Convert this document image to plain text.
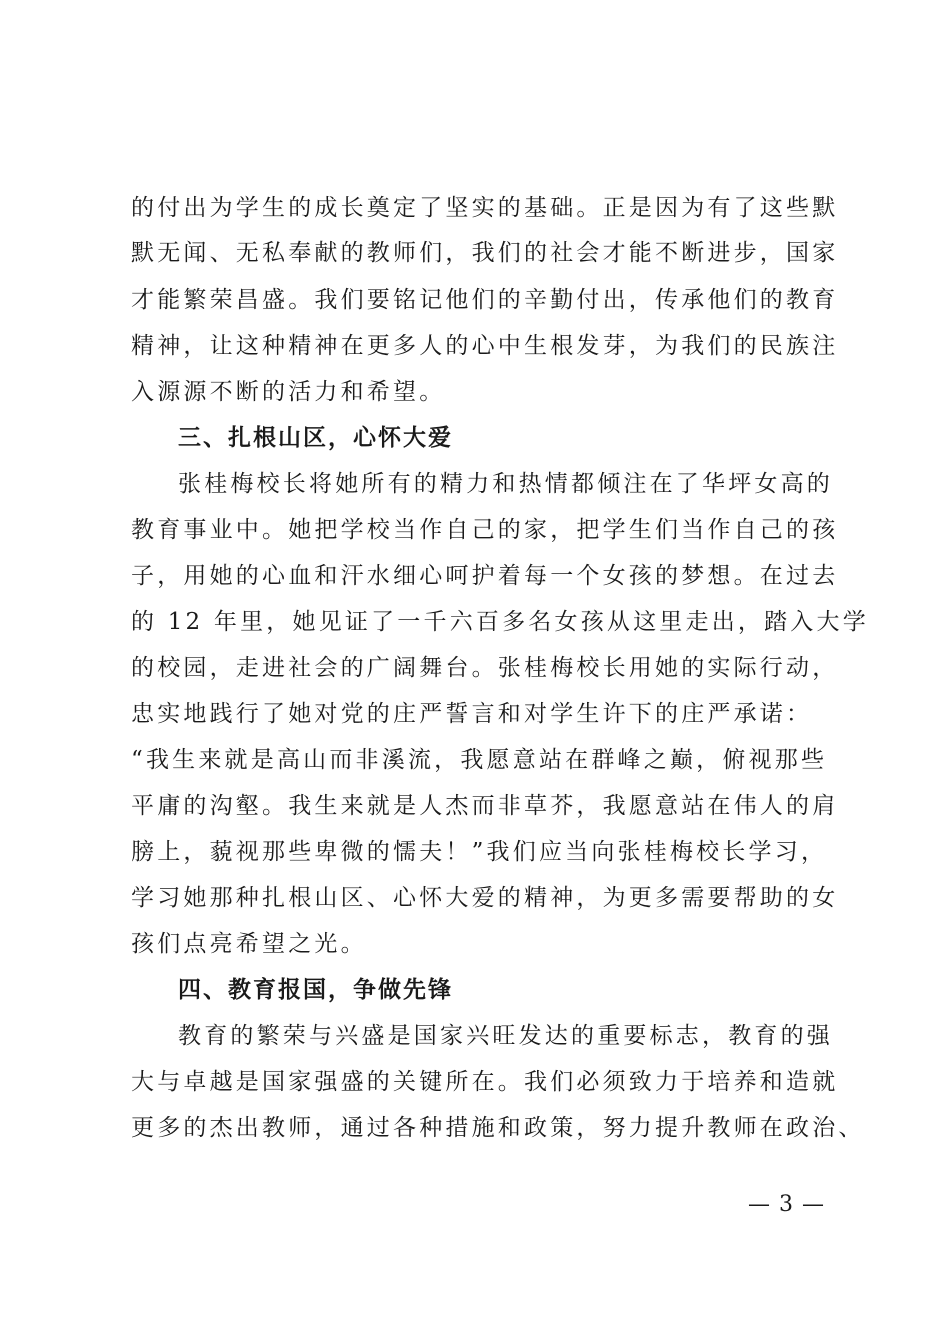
的付出为学生的成长奠定了坚实的基础。正是因为有了这些默
默无闻、无私奉献的教师们，我们的社会才能不断进步，国家
才能繁荣昌盛。我们要铭记他们的辛勤付出，传承他们的教育
精神，让这种精神在更多人的心中生根发芽，为我们的民族注
入源源不断的活力和希望。
三、扎根山区，心怀大爱
张桂梅校长将她所有的精力和热情都倾注在了华坪女高的
教育事业中。她把学校当作自己的家，把学生们当作自己的孩
子，用她的心血和汗水细心呵护着每一个女孩的梦想。在过去
的 12 年里，她见证了一千六百多名女孩从这里走出，踏入大学
的校园，走进社会的广阔舞台。张桂梅校长用她的实际行动，
忠实地践行了她对党的庄严誓言和对学生许下的庄严承诺：
“我生来就是高山而非溪流，我愿意站在群峰之巅，俯视那些
平庸的沟壑。我生来就是人杰而非草芥，我愿意站在伟人的肩
膀上，藐视那些卑微的懦夫！”我们应当向张桂梅校长学习，
学习她那种扎根山区、心怀大爱的精神，为更多需要帮助的女
孩们点亮希望之光。
四、教育报国，争做先锋
教育的繁荣与兴盛是国家兴旺发达的重要标志，教育的强
大与卓越是国家强盛的关键所在。我们必须致力于培养和造就
更多的杰出教师，通过各种措施和政策，努力提升教师在政治、
— 3 —
